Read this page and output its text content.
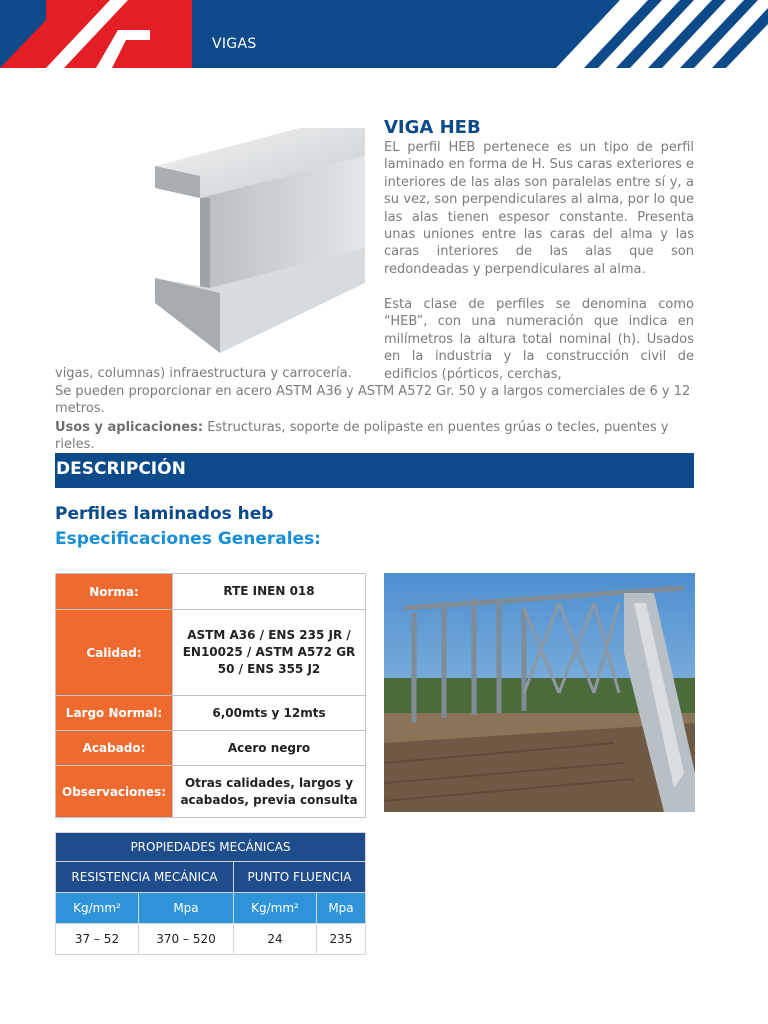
VIGAS
VIGA HEB

EL perfil HEB pertenece es un tipo de perfil laminado en forma de H. Sus caras exteriores e interiores de las alas son paralelas entre sí y, a su vez, son perpendiculares al alma, por lo que las alas tienen espesor constante. Presenta unas uniones entre las caras del alma y las caras interiores de las alas que son redondeadas y perpendiculares al alma.

Esta clase de perfiles se denomina como “HEB”, con una numeración que indica en milímetros la altura total nominal (h). Usados en la industria y la construcción civil de edificios (pórticos, cerchas,

vigas, columnas) infraestructura y carrocería.

Se pueden proporcionar en acero ASTM A36 y ASTM A572 Gr. 50 y a largos comerciales de 6 y 12 metros.

Usos y aplicaciones: Estructuras, soporte de polipaste en puentes grúas o tecles, puentes y rieles.

DESCRIPCIÓN
Perfiles laminados heb
Especificaciones Generales:
Norma:	RTE INEN 018
Calidad:	ASTM A36 / ENS 235 JR / EN10025 / ASTM A572 GR 50 / ENS 355 J2
Largo Normal:	6,00mts y 12mts
Acabado:	Acero negro
Observaciones:	Otras calidades, largos y acabados, previa consulta
PROPIEDADES MECÁNICAS			
RESISTENCIA MECÁNICA		PUNTO FLUENCIA	
Kg/mm²	Mpa	Kg/mm²	Mpa
37 – 52	370 – 520	24	235
